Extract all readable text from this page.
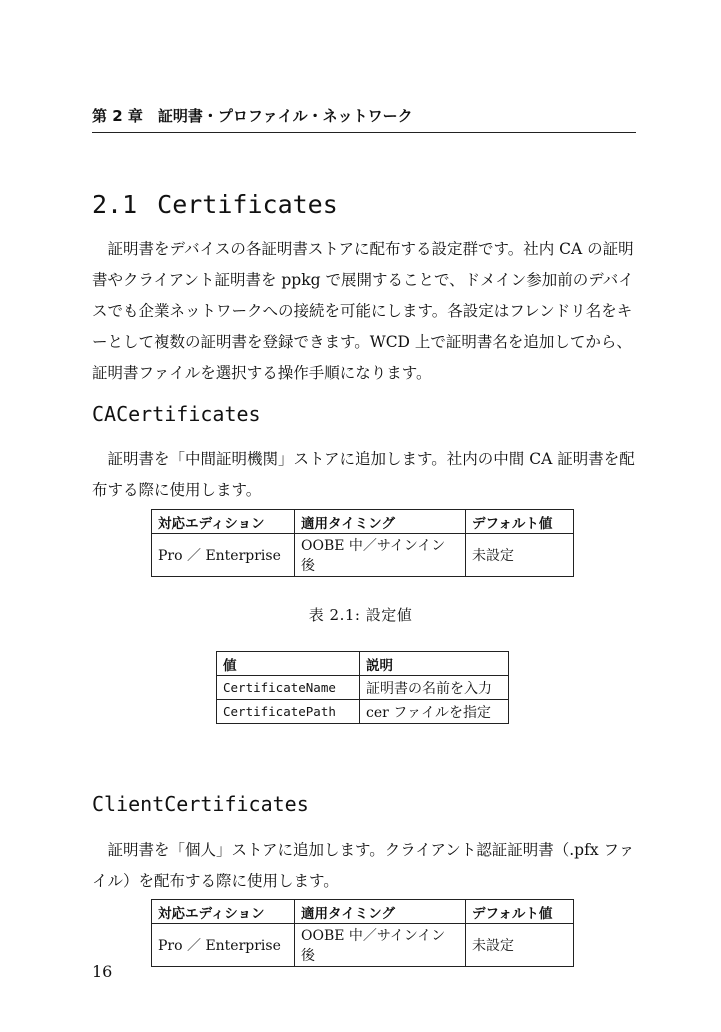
第 2 章　証明書・プロファイル・ネットワーク
2.1 Certificates

証明書をデバイスの各証明書ストアに配布する設定群です。社内 CA の証明書やクライアント証明書を ppkg で展開することで、ドメイン参加前のデバイスでも企業ネットワークへの接続を可能にします。各設定はフレンドリ名をキーとして複数の証明書を登録できます。WCD 上で証明書名を追加してから、証明書ファイルを選択する操作手順になります。

CACertificates

証明書を「中間証明機関」ストアに追加します。社内の中間 CA 証明書を配布する際に使用します。

対応エディション	適用タイミング	デフォルト値
Pro ／ Enterprise	OOBE 中／サインイン後	未設定
表 2.1: 設定値
値	説明
CertificateName	証明書の名前を入力
CertificatePath	cer ファイルを指定
ClientCertificates

証明書を「個人」ストアに追加します。クライアント認証証明書（.pfx ファイル）を配布する際に使用します。

対応エディション	適用タイミング	デフォルト値
Pro ／ Enterprise	OOBE 中／サインイン後	未設定
16
